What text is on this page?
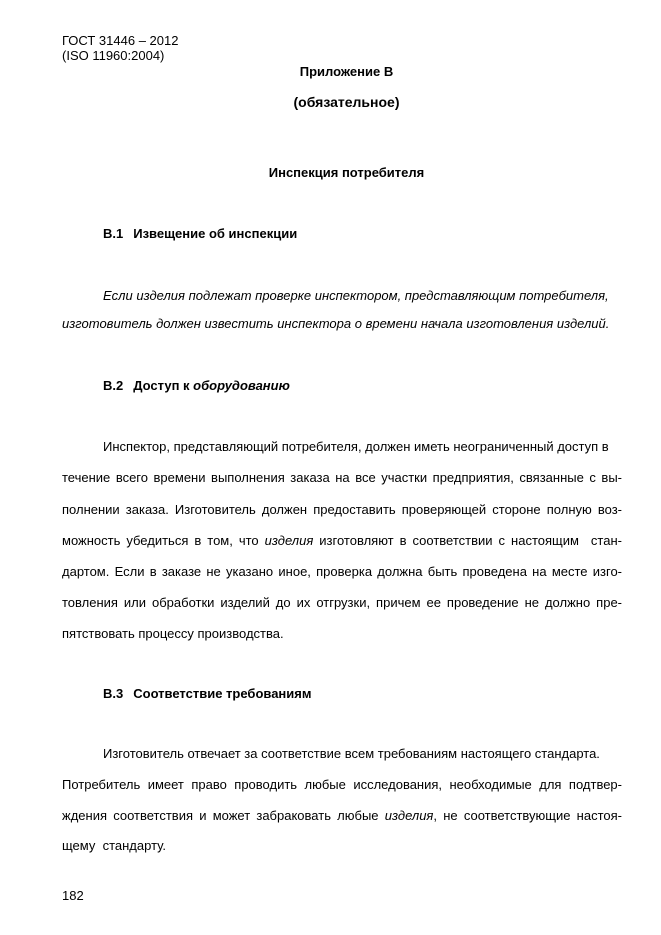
ГОСТ 31446 – 2012
(ISO 11960:2004)
Приложение В
(обязательное)
Инспекция потребителя
В.1 Извещение об инспекции
Если изделия подлежат проверке инспектором, представляющим потребителя,
изготовитель должен известить инспектора о времени начала изготовления изделий.
В.2 Доступ к оборудованию
Инспектор, представляющий потребителя, должен иметь неограниченный доступ в
течение всего времени выполнения заказа на все участки предприятия, связанные с вы-
полнении заказа. Изготовитель должен предоставить проверяющей стороне полную воз-
можность убедиться в том, что изделия изготовляют в соответствии с настоящим  стан-
дартом. Если в заказе не указано иное, проверка должна быть проведена на месте изго-
товления или обработки изделий до их отгрузки, причем ее проведение не должно пре-
пятствовать процессу производства.
В.3 Соответствие требованиям
Изготовитель отвечает за соответствие всем требованиям настоящего стандарта.
Потребитель имеет право проводить любые исследования, необходимые для подтвер-
ждения соответствия и может забраковать любые изделия, не соответствующие настоя-
щему  стандарту.
182
